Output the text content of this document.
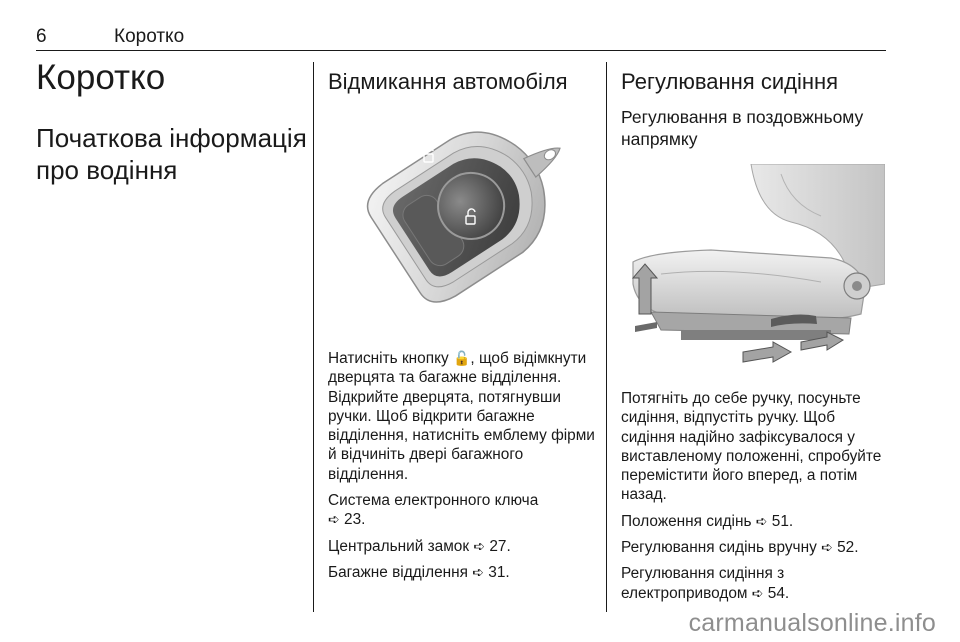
6	Коротко
Коротко
Початкова інформація про водіння
Відмикання автомобіля

Натисніть кнопку 🔓, щоб відімкнути дверцята та багажне відділення. Відкрийте дверцята, потягнувши ручки. Щоб відкрити багажне відділення, натисніть емблему фірми й відчиніть двері багажного відділення.

Система електронного ключа
➪ 23.

Центральний замок ➪ 27.

Багажне відділення ➪ 31.

Регулювання сидіння
Регулювання в поздовжньому напрямку

Потягніть до себе ручку, посуньте сидіння, відпустіть ручку. Щоб сидіння надійно зафіксувалося у виставленому положенні, спробуйте перемістити його вперед, а потім назад.

Положення сидінь ➪ 51.

Регулювання сидінь вручну ➪ 52.

Регулювання сидіння з електроприводом ➪ 54.

carmanualsonline.info
